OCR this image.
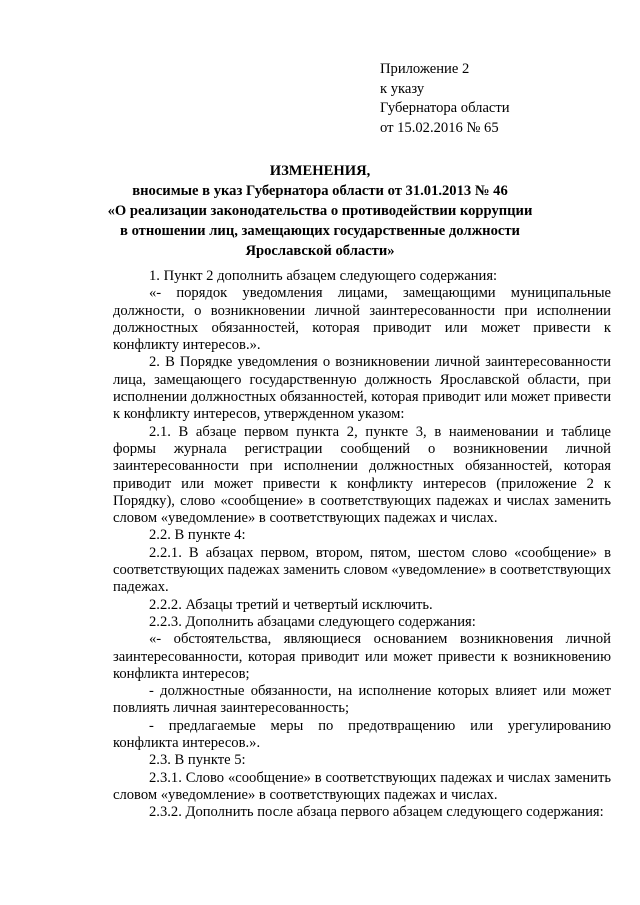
Приложение 2
к указу
Губернатора области
от 15.02.2016 № 65
ИЗМЕНЕНИЯ,
вносимые в указ Губернатора области от 31.01.2013 № 46
«О реализации законодательства о противодействии коррупции
в отношении лиц, замещающих государственные должности
Ярославской области»

1. Пункт 2 дополнить абзацем следующего содержания:

«- порядок уведомления лицами, замещающими муниципальные должности, о возникновении личной заинтересованности при исполнении должностных обязанностей, которая приводит или может привести к конфликту интересов.».

2. В Порядке уведомления о возникновении личной заинтересованности лица, замещающего государственную должность Ярославской области, при исполнении должностных обязанностей, которая приводит или может привести к конфликту интересов, утвержденном указом:

2.1. В абзаце первом пункта 2, пункте 3, в наименовании и таблице формы журнала регистрации сообщений о возникновении личной заинтересованности при исполнении должностных обязанностей, которая приводит или может привести к конфликту интересов (приложение 2 к Порядку), слово «сообщение» в соответствующих падежах и числах заменить словом «уведомление» в соответствующих падежах и числах.

2.2. В пункте 4:

2.2.1. В абзацах первом, втором, пятом, шестом слово «сообщение» в соответствующих падежах заменить словом «уведомление» в соответствующих падежах.

2.2.2. Абзацы третий и четвертый исключить.

2.2.3. Дополнить абзацами следующего содержания:

«- обстоятельства, являющиеся основанием возникновения личной заинтересованности, которая приводит или может привести к возникновению конфликта интересов;

- должностные обязанности, на исполнение которых влияет или может повлиять личная заинтересованность;

- предлагаемые меры по предотвращению или урегулированию конфликта интересов.».

2.3. В пункте 5:

2.3.1. Слово «сообщение» в соответствующих падежах и числах заменить словом «уведомление» в соответствующих падежах и числах.

2.3.2. Дополнить после абзаца первого абзацем следующего содержания:
